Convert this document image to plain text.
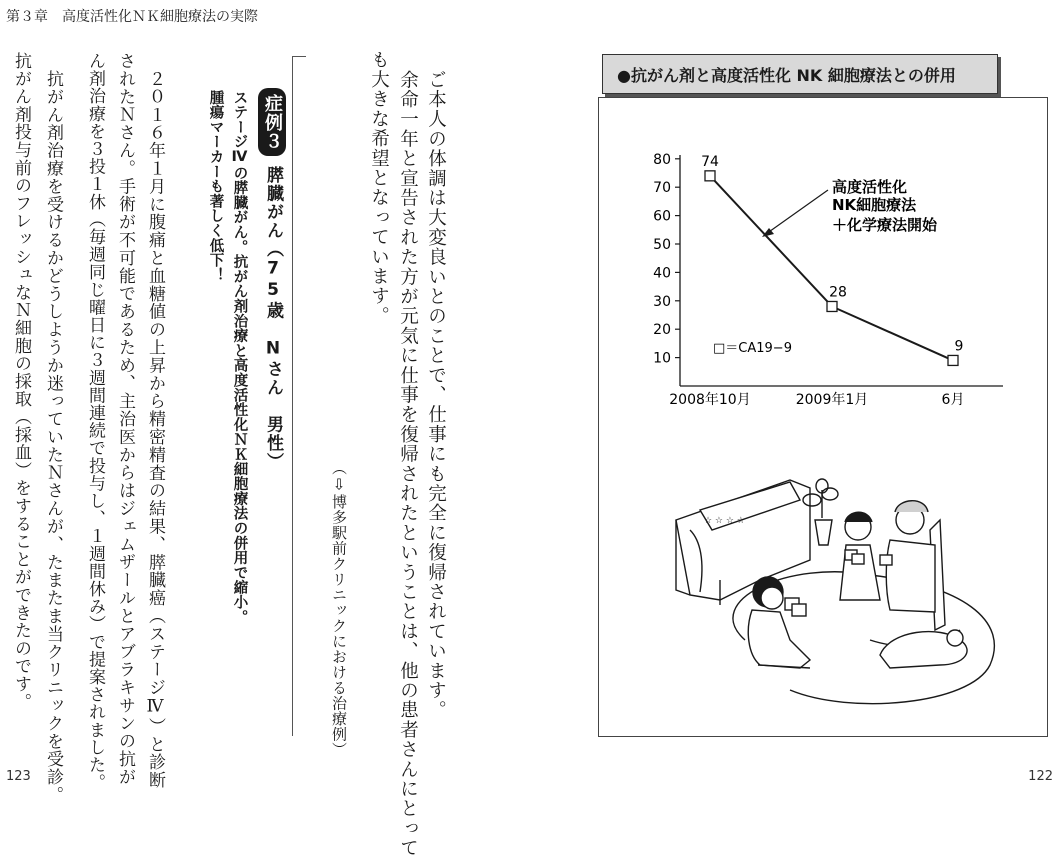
第３章　高度活性化ＮＫ細胞療法の実際
123	122
ご本人の体調は大変良いとのことで、仕事にも完全に復帰されています。
余命一年と宣告された方が元気に仕事を復帰されたということは、他の患者さんにとって
も大きな希望となっています。
（⇩博多駅前クリニックにおける治療例）
症例３
膵臓がん（75歳　Nさん　男性）
ステージⅣの膵臓がん。抗がん剤治療と高度活性化ＮＫ細胞療法の併用で縮小。
腫瘍マーカーも著しく低下！
２０１６年１月に腹痛と血糖値の上昇から精密精査の結果、膵臓癌（ステージⅣ）と診断
されたＮさん。手術が不可能であるため、主治医からはジェムザールとアブラキサンの抗が
ん剤治療を３投１休（毎週同じ曜日に３週間連続で投与し、１週間休み）で提案されました。
抗がん剤治療を受けるかどうしようか迷っていたＮさんが、たまたま当クリニックを受診。
抗がん剤投与前のフレッシュなＮ細胞の採取（採血）をすることができたのです。	●抗がん剤と高度活性化 NK 細胞療法との併用
10
20
30
40
50
60
70
80
2008年10月	2009年1月	6月
74
28
9
高度活性化
NK細胞療法
＋化学療法開始
□＝CA19−9
☆ ☆ ☆ ☆
